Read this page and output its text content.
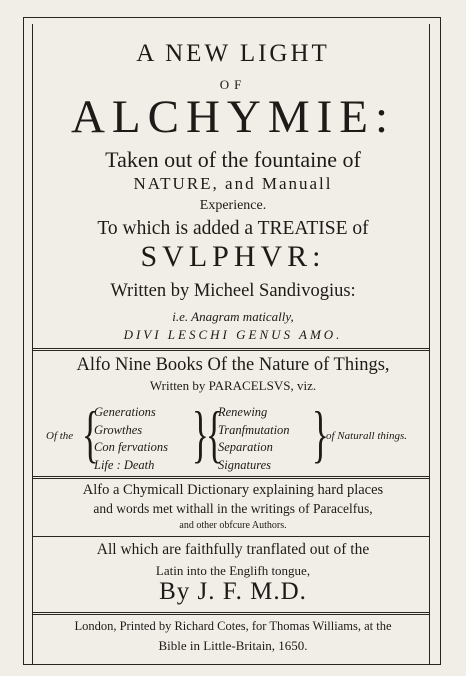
A NEW LIGHT
OF
ALCHYMIE:
Taken out of the fountaine of
NATURE, and Manuall
Experience.
To which is added a TREATISE of
SVLPHVR:
Written by Micheel Sandivogius:
i.e. Anagram matically,
DIVI LESCHI GENUS AMO.
Alfo Nine Books Of the Nature of Things,
Written by PARACELSVS, viz.
Of the {
Generations
Growthes
Con fervations
Life : Death }
{
Renewing
Tranfmutation
Separation
Signatures }
of Naturall things.
Alfo a Chymicall Dictionary explaining hard places
and words met withall in the writings of Paracelfus,
and other obfcure Authors.
All which are faithfully tranflated out of the
Latin into the Englifh tongue,
By J. F. M.D.
London, Printed by Richard Cotes, for Thomas Williams, at the
Bible in Little-Britain, 1650.
